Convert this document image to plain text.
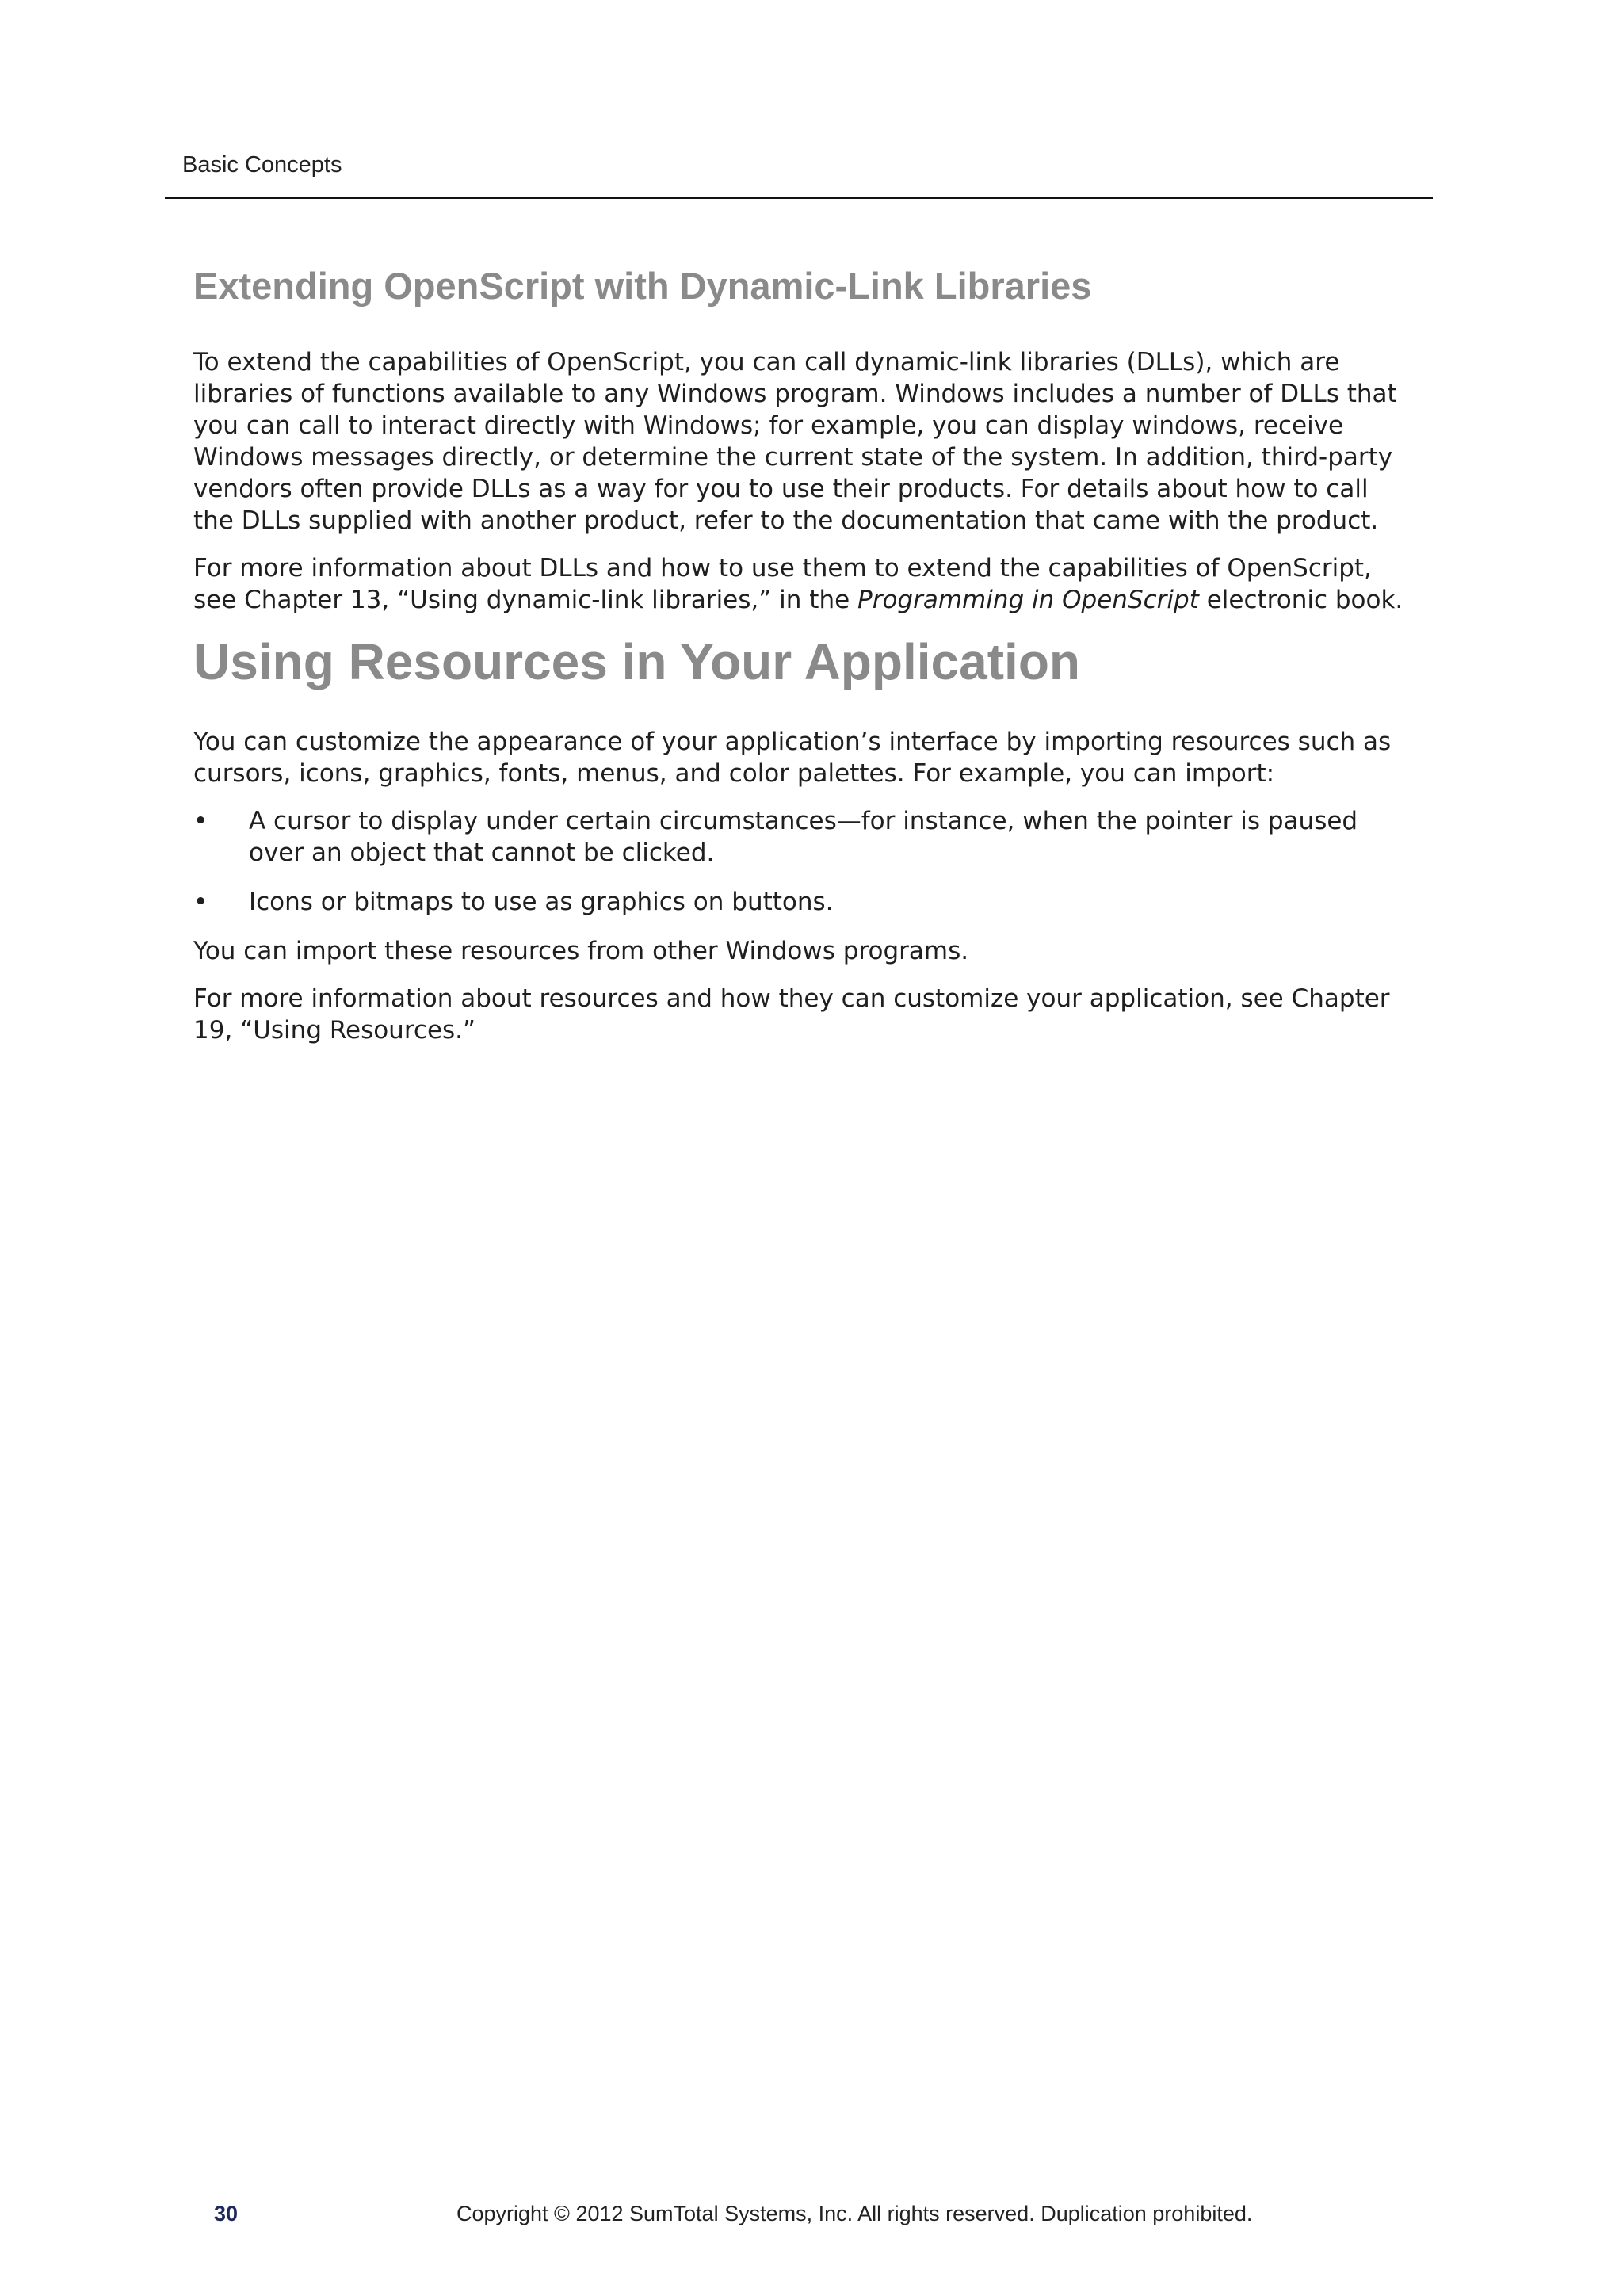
Basic Concepts
Extending OpenScript with Dynamic-Link Libraries

To extend the capabilities of OpenScript, you can call dynamic-link libraries (DLLs), which are
libraries of functions available to any Windows program. Windows includes a number of DLLs that
you can call to interact directly with Windows; for example, you can display windows, receive
Windows messages directly, or determine the current state of the system. In addition, third-party
vendors often provide DLLs as a way for you to use their products. For details about how to call
the DLLs supplied with another product, refer to the documentation that came with the product.

For more information about DLLs and how to use them to extend the capabilities of OpenScript,
see Chapter 13, “Using dynamic-link libraries,” in the Programming in OpenScript electronic book.

Using Resources in Your Application

You can customize the appearance of your application’s interface by importing resources such as
cursors, icons, graphics, fonts, menus, and color palettes. For example, you can import:

• A cursor to display under certain circumstances—for instance, when the pointer is paused
over an object that cannot be clicked.
• Icons or bitmaps to use as graphics on buttons.

You can import these resources from other Windows programs.

For more information about resources and how they can customize your application, see Chapter
19, “Using Resources.”

30	Copyright © 2012 SumTotal Systems, Inc. All rights reserved. Duplication prohibited.
